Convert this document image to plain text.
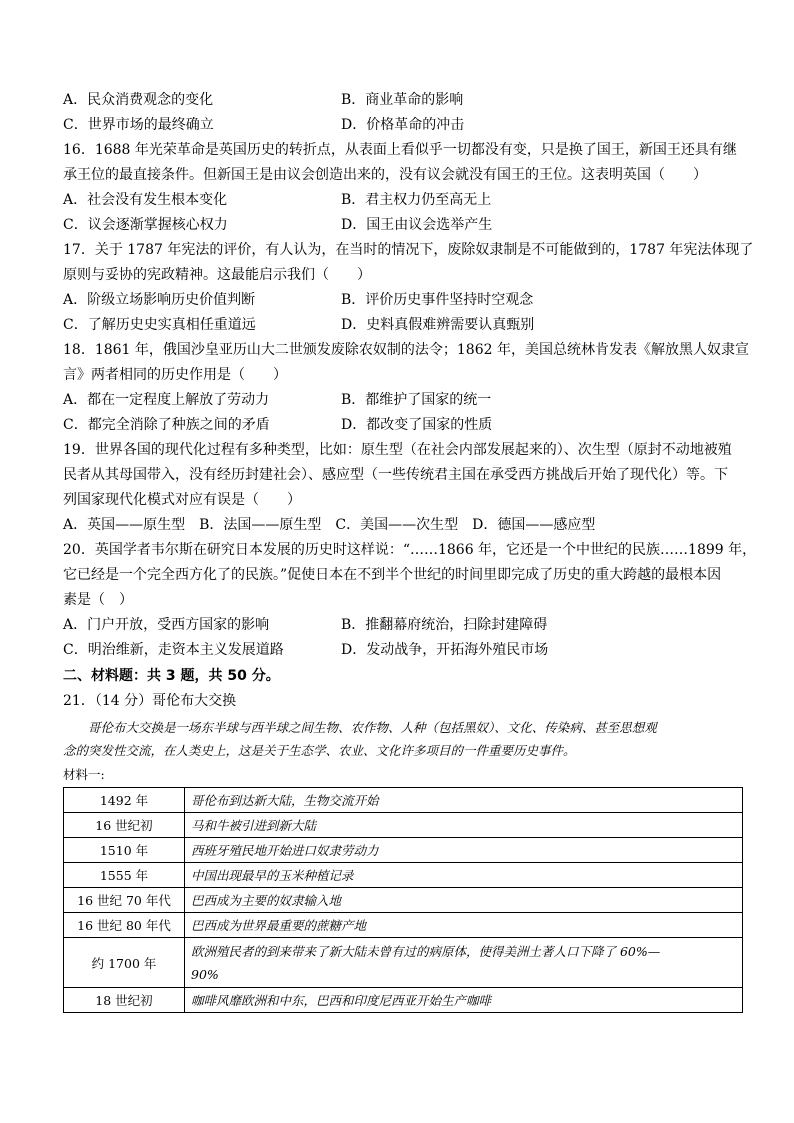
A．民众消费观念的变化	B．商业革命的影响
C．世界市场的最终确立	D．价格革命的冲击
16．1688 年光荣革命是英国历史的转折点，从表面上看似乎一切都没有变，只是换了国王，新国王还具有继
承王位的最直接条件。但新国王是由议会创造出来的，没有议会就没有国王的王位。这表明英国（　　）
A．社会没有发生根本变化	B．君主权力仍至高无上
C．议会逐渐掌握核心权力	D．国王由议会选举产生
17．关于 1787 年宪法的评价，有人认为，在当时的情况下，废除奴隶制是不可能做到的，1787 年宪法体现了
原则与妥协的宪政精神。这最能启示我们（　　）
A．阶级立场影响历史价值判断	B．评价历史事件坚持时空观念
C．了解历史史实真相任重道远	D．史料真假难辨需要认真甄别
18．1861 年，俄国沙皇亚历山大二世颁发废除农奴制的法令；1862 年，美国总统林肯发表《解放黑人奴隶宣
言》两者相同的历史作用是（　　）
A．都在一定程度上解放了劳动力	B．都维护了国家的统一
C．都完全消除了种族之间的矛盾	D．都改变了国家的性质
19．世界各国的现代化过程有多种类型，比如：原生型（在社会内部发展起来的）、次生型（原封不动地被殖
民者从其母国带入，没有经历封建社会）、感应型（一些传统君主国在承受西方挑战后开始了现代化）等。下
列国家现代化模式对应有误是（　　）
A．英国——原生型 B．法国——原生型 C．美国——次生型 D．德国——感应型
20．英国学者韦尔斯在研究日本发展的历史时这样说：“……1866 年，它还是一个中世纪的民族……1899 年，
它已经是一个完全西方化了的民族。”促使日本在不到半个世纪的时间里即完成了历史的重大跨越的最根本因
素是（　）
A．门户开放，受西方国家的影响	B．推翻幕府统治，扫除封建障碍
C．明治维新，走资本主义发展道路	D．发动战争，开拓海外殖民市场
二、材料题：共 3 题，共 50 分。
21．（14 分）哥伦布大交换
哥伦布大交换是一场东半球与西半球之间生物、农作物、人种（包括黑奴）、文化、传染病、甚至思想观
念的突发性交流，在人类史上，这是关于生态学、农业、文化许多项目的一件重要历史事件。
材料一:
1492 年	哥伦布到达新大陆，生物交流开始
16 世纪初	马和牛被引进到新大陆
1510 年	西班牙殖民地开始进口奴隶劳动力
1555 年	中国出现最早的玉米种植记录
16 世纪 70 年代	巴西成为主要的奴隶输入地
16 世纪 80 年代	巴西成为世界最重要的蔗糖产地
约 1700 年	欧洲殖民者的到来带来了新大陆未曾有过的病原体，使得美洲土著人口下降了 60%—
90%

18 世纪初	咖啡风靡欧洲和中东，巴西和印度尼西亚开始生产咖啡
